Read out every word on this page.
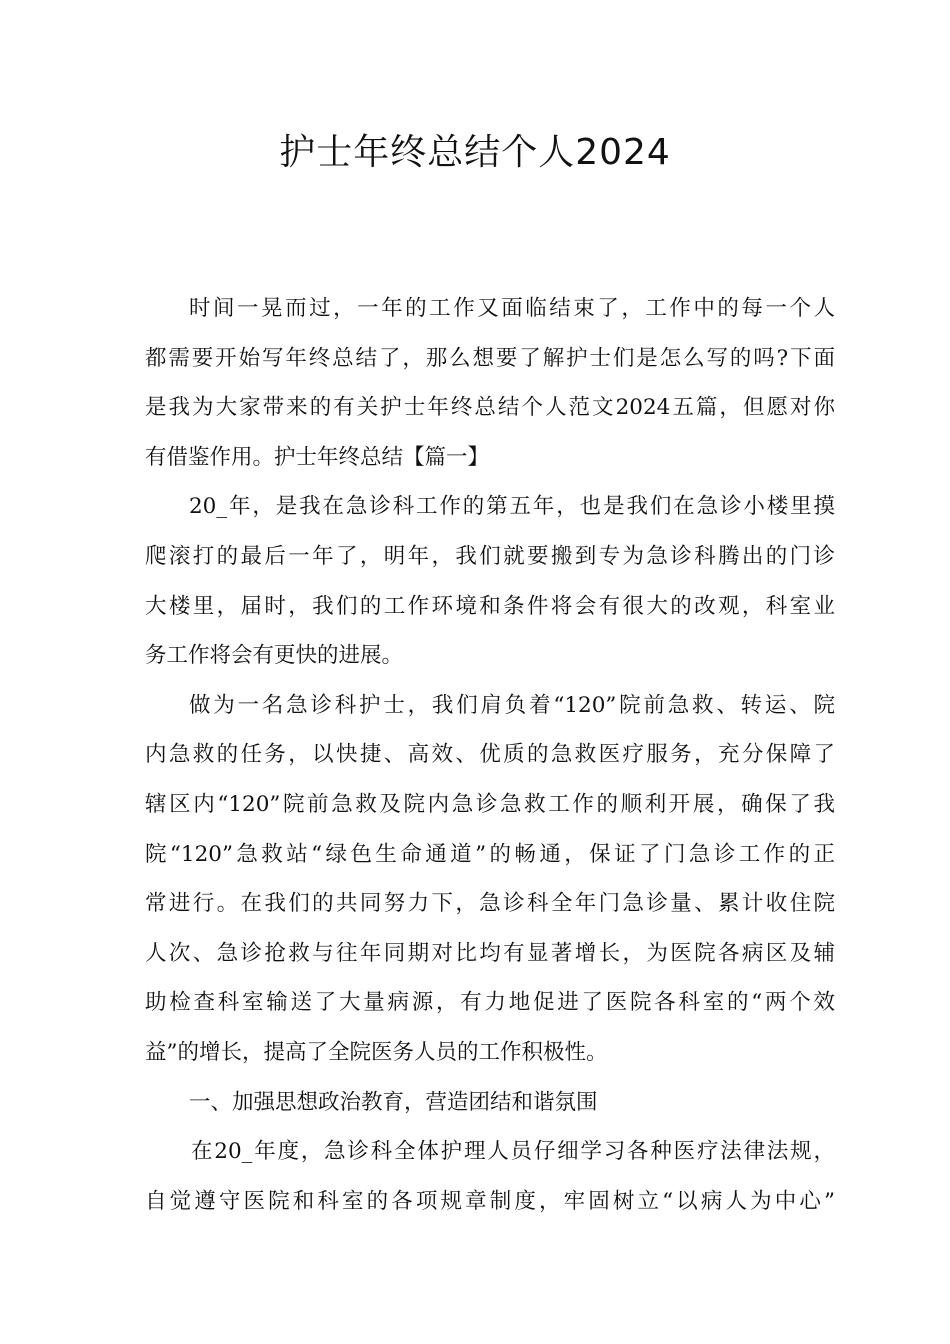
护士年终总结个人2024
时间一晃而过，一年的工作又面临结束了，工作中的每一个人
都需要开始写年终总结了，那么想要了解护士们是怎么写的吗?下面
是我为大家带来的有关护士年终总结个人范文2024五篇，但愿对你
有借鉴作用。护士年终总结【篇一】
20_年，是我在急诊科工作的第五年，也是我们在急诊小楼里摸
爬滚打的最后一年了，明年，我们就要搬到专为急诊科腾出的门诊
大楼里，届时，我们的工作环境和条件将会有很大的改观，科室业
务工作将会有更快的进展。
做为一名急诊科护士，我们肩负着“120”院前急救、转运、院
内急救的任务，以快捷、高效、优质的急救医疗服务，充分保障了
辖区内“120”院前急救及院内急诊急救工作的顺利开展，确保了我
院“120”急救站“绿色生命通道”的畅通，保证了门急诊工作的正
常进行。在我们的共同努力下，急诊科全年门急诊量、累计收住院
人次、急诊抢救与往年同期对比均有显著增长，为医院各病区及辅
助检查科室输送了大量病源，有力地促进了医院各科室的“两个效
益”的增长，提高了全院医务人员的工作积极性。
一、加强思想政治教育，营造团结和谐氛围
在20_年度，急诊科全体护理人员仔细学习各种医疗法律法规，
自觉遵守医院和科室的各项规章制度，牢固树立“以病人为中心”
